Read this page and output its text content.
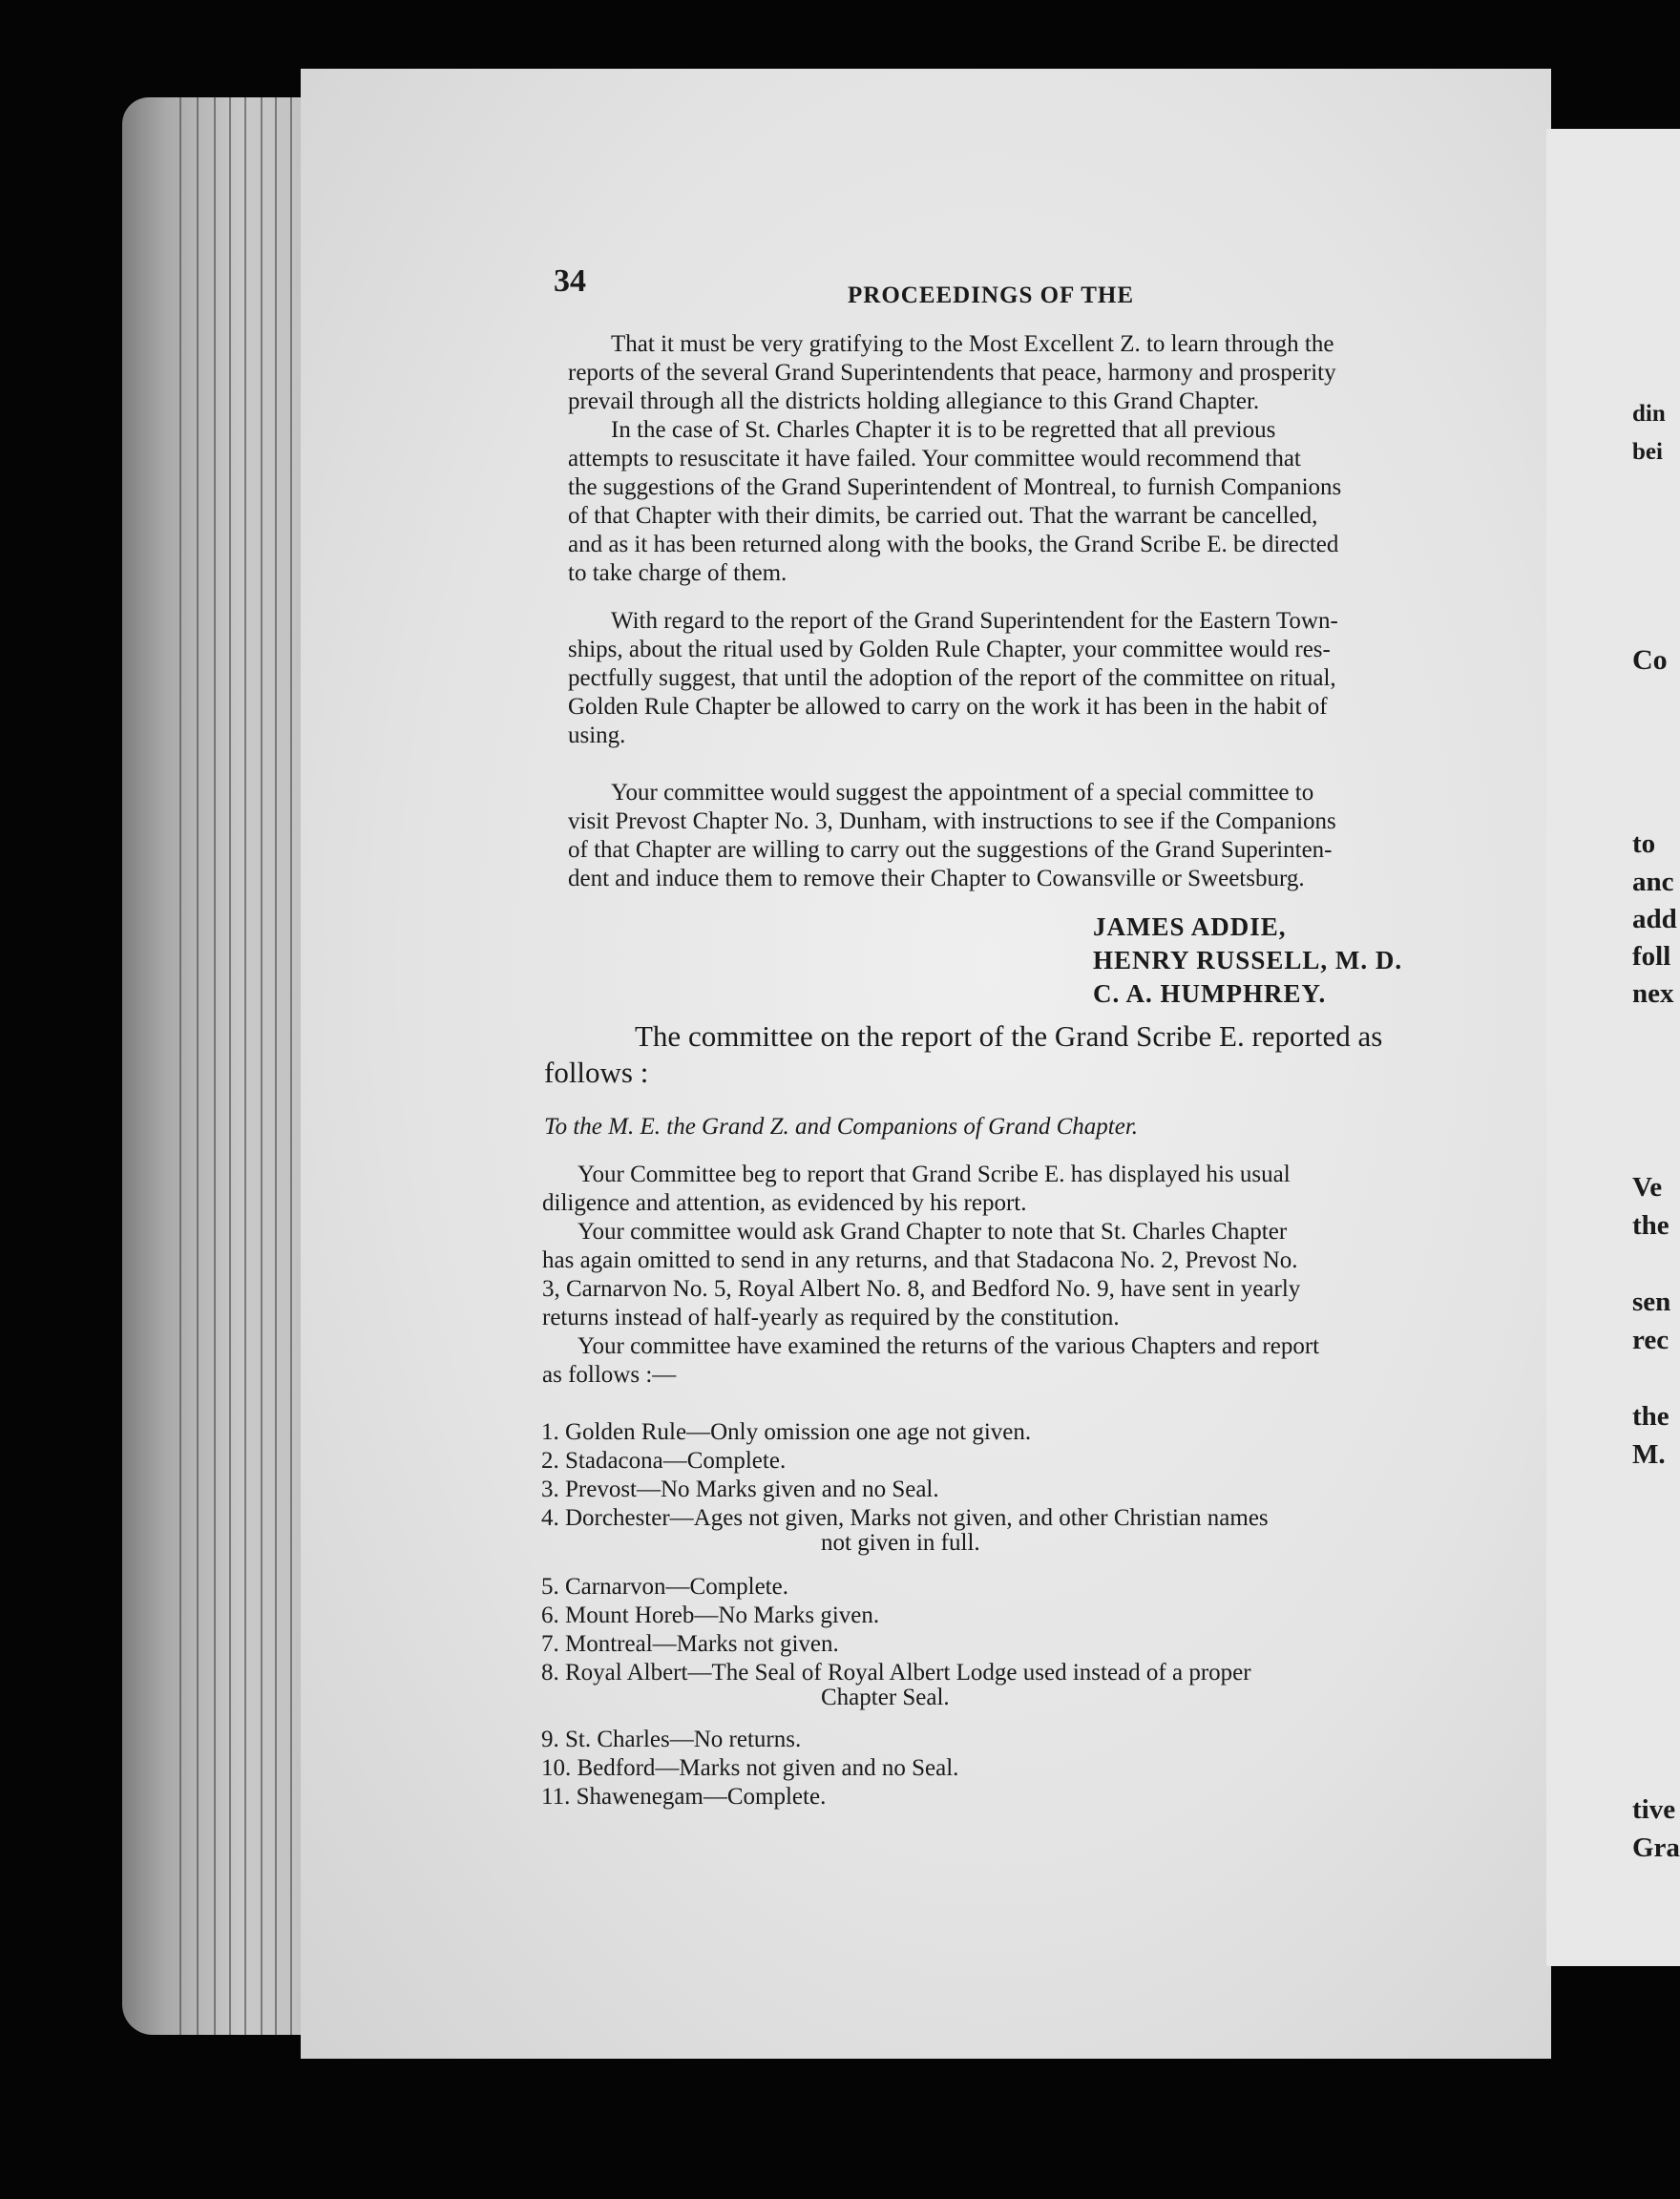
34	PROCEEDINGS OF THE
That it must be very gratifying to the Most Excellent Z. to learn through the
reports of the several Grand Superintendents that peace, harmony and prosperity
prevail through all the districts holding allegiance to this Grand Chapter.
In the case of St. Charles Chapter it is to be regretted that all previous
attempts to resuscitate it have failed. Your committee would recommend that
the suggestions of the Grand Superintendent of Montreal, to furnish Companions
of that Chapter with their dimits, be carried out. That the warrant be cancelled,
and as it has been returned along with the books, the Grand Scribe E. be directed
to take charge of them.
With regard to the report of the Grand Superintendent for the Eastern Town-
ships, about the ritual used by Golden Rule Chapter, your committee would res-
pectfully suggest, that until the adoption of the report of the committee on ritual,
Golden Rule Chapter be allowed to carry on the work it has been in the habit of
using.
Your committee would suggest the appointment of a special committee to
visit Prevost Chapter No. 3, Dunham, with instructions to see if the Companions
of that Chapter are willing to carry out the suggestions of the Grand Superinten-
dent and induce them to remove their Chapter to Cowansville or Sweetsburg.
JAMES ADDIE,
HENRY RUSSELL, M. D.
C. A. HUMPHREY.
The committee on the report of the Grand Scribe E. reported as
follows :
To the M. E. the Grand Z. and Companions of Grand Chapter.
Your Committee beg to report that Grand Scribe E. has displayed his usual
diligence and attention, as evidenced by his report.
Your committee would ask Grand Chapter to note that St. Charles Chapter
has again omitted to send in any returns, and that Stadacona No. 2, Prevost No.
3, Carnarvon No. 5, Royal Albert No. 8, and Bedford No. 9, have sent in yearly
returns instead of half-yearly as required by the constitution.
Your committee have examined the returns of the various Chapters and report
as follows :—
1. Golden Rule—Only omission one age not given.
2. Stadacona—Complete.
3. Prevost—No Marks given and no Seal.
4. Dorchester—Ages not given, Marks not given, and other Christian names
not given in full.
5. Carnarvon—Complete.
6. Mount Horeb—No Marks given.
7. Montreal—Marks not given.
8. Royal Albert—The Seal of Royal Albert Lodge used instead of a proper
Chapter Seal.
9. St. Charles—No returns.
10. Bedford—Marks not given and no Seal.
11. Shawenegam—Complete.
din
bei
Co
to
anc
add
foll
nex
Ve
the
sen
rec
the
M.
tive
Gra
